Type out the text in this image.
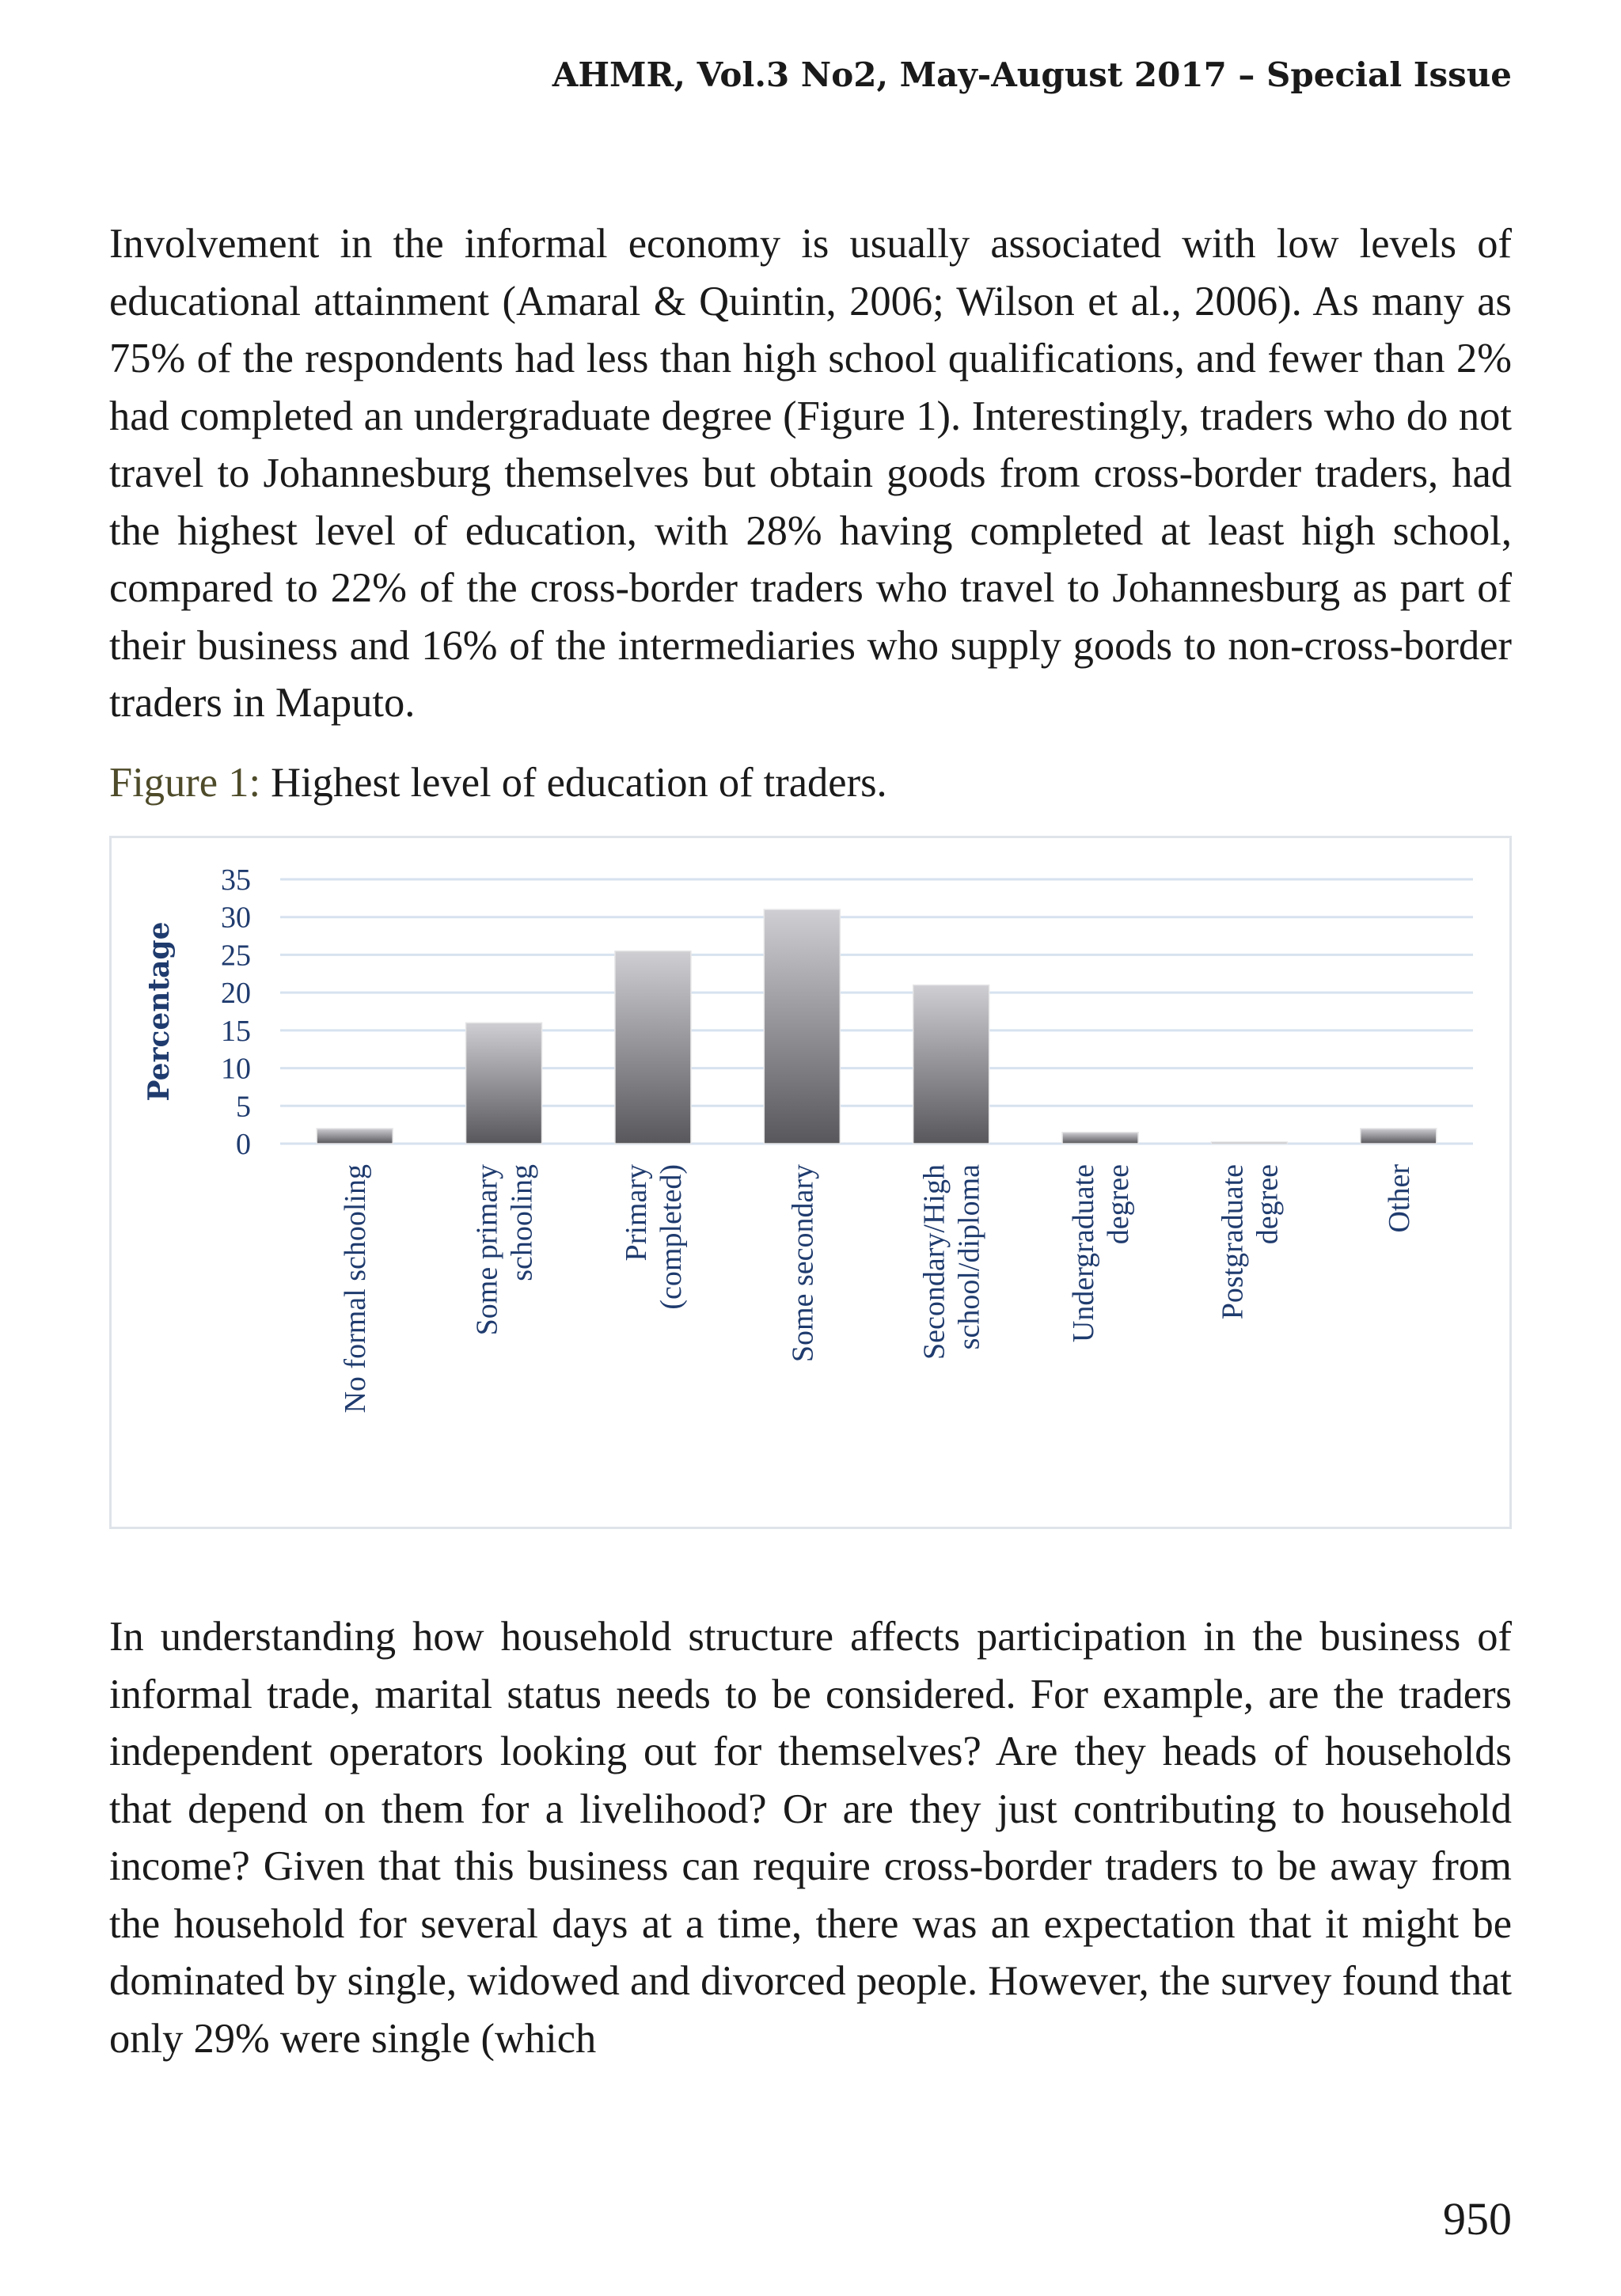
AHMR, Vol.3 No2, May-August 2017 – Special Issue

Involvement in the informal economy is usually associated with low levels of educational attainment (Amaral & Quintin, 2006; Wilson et al., 2006). As many as 75% of the respondents had less than high school qualifications, and fewer than 2% had completed an undergraduate degree (Figure 1). Interestingly, traders who do not travel to Johannesburg themselves but obtain goods from cross-border traders, had the highest level of education, with 28% having completed at least high school, compared to 22% of the cross-border traders who travel to Johannesburg as part of their business and 16% of the intermediaries who supply goods to non-cross-border traders in Maputo.

Figure 1: Highest level of education of traders.
0
5
10
15
20
25
30
35
No formal schooling	Some primary schooling	Primary (completed)	Some secondary	Secondary/High school/diploma	Undergraduate degree	Postgraduate degree	Other
Percentage

In understanding how household structure affects participation in the business of informal trade, marital status needs to be considered. For example, are the traders independent operators looking out for themselves? Are they heads of households that depend on them for a livelihood? Or are they just contributing to household income? Given that this business can require cross-border traders to be away from the household for several days at a time, there was an expectation that it might be dominated by single, widowed and divorced people. However, the survey found that only 29% were single (which

950
